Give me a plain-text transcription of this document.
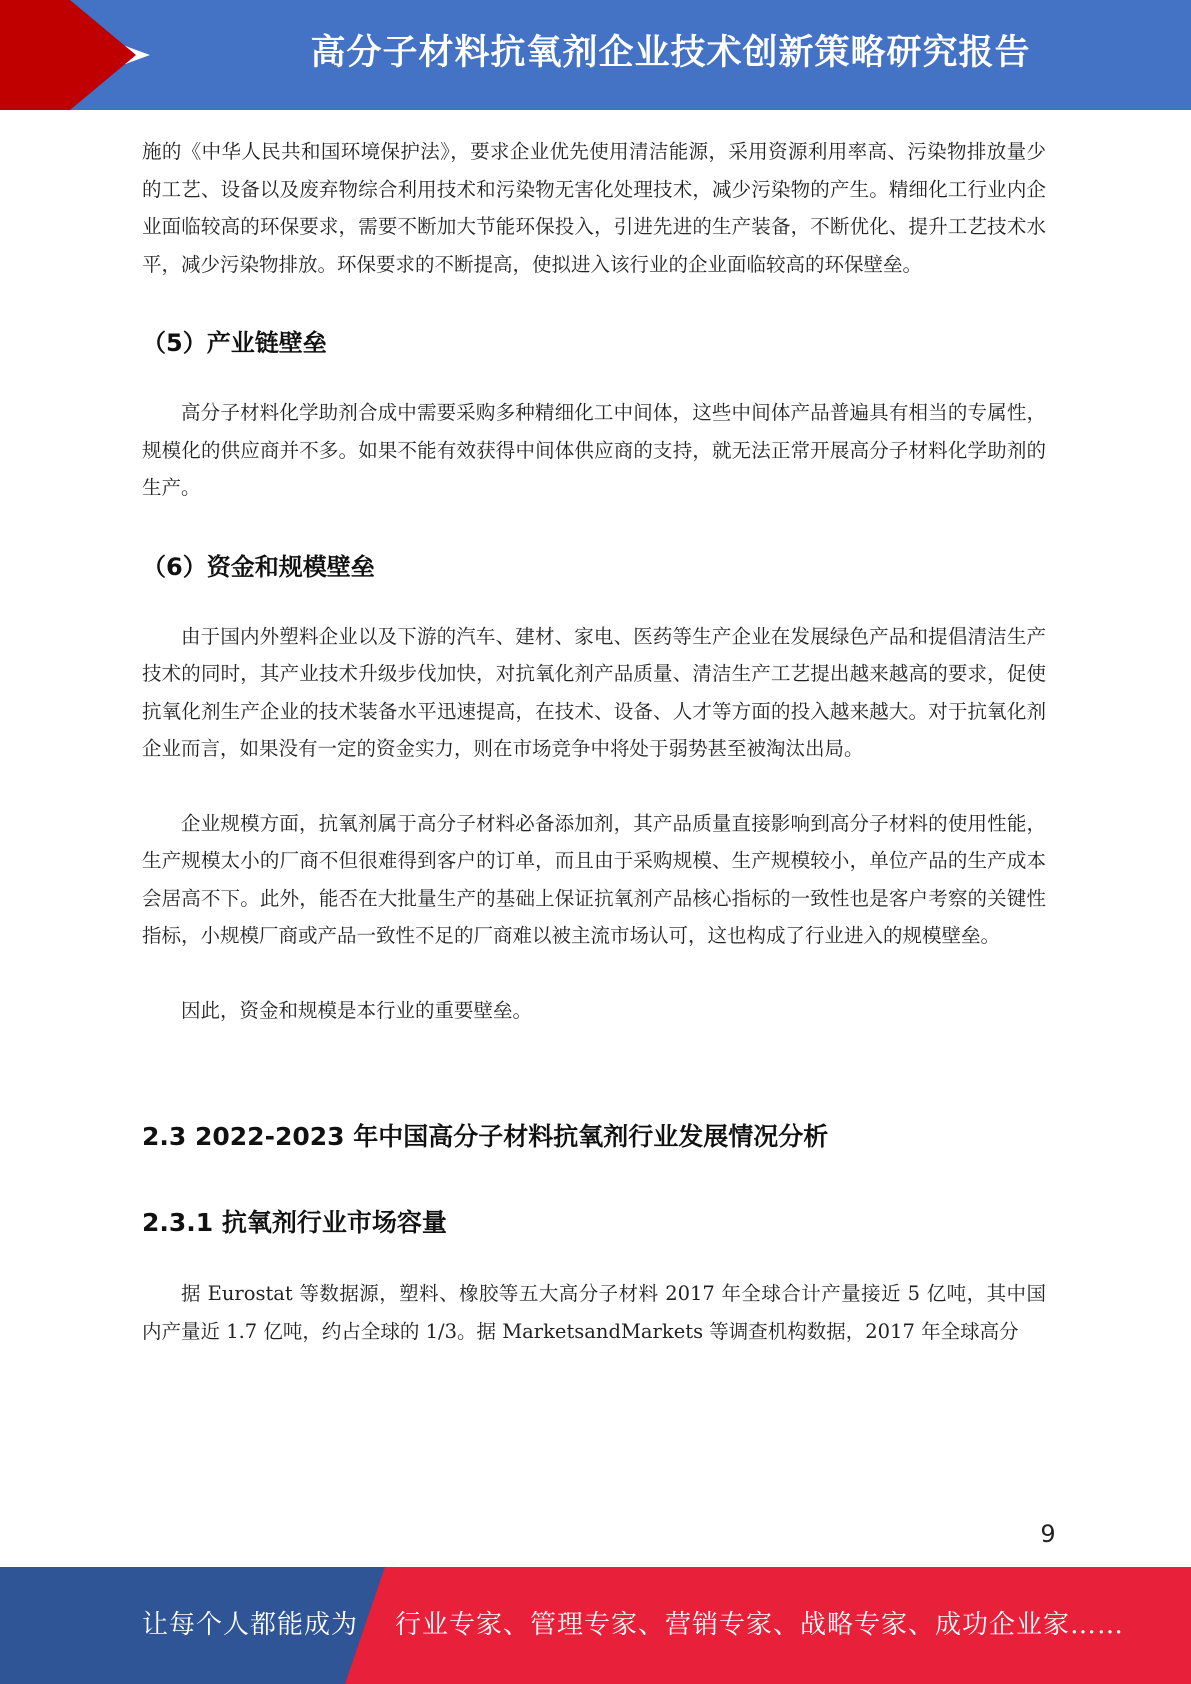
高分子材料抗氧剂企业技术创新策略研究报告

施的《中华人民共和国环境保护法》，要求企业优先使用清洁能源，采用资源利用率高、污染物排放量少的工艺、设备以及废弃物综合利用技术和污染物无害化处理技术，减少污染物的产生。精细化工行业内企业面临较高的环保要求，需要不断加大节能环保投入，引进先进的生产装备，不断优化、提升工艺技术水平，减少污染物排放。环保要求的不断提高，使拟进入该行业的企业面临较高的环保壁垒。

（5）产业链壁垒

高分子材料化学助剂合成中需要采购多种精细化工中间体，这些中间体产品普遍具有相当的专属性，规模化的供应商并不多。如果不能有效获得中间体供应商的支持，就无法正常开展高分子材料化学助剂的生产。

（6）资金和规模壁垒

由于国内外塑料企业以及下游的汽车、建材、家电、医药等生产企业在发展绿色产品和提倡清洁生产技术的同时，其产业技术升级步伐加快，对抗氧化剂产品质量、清洁生产工艺提出越来越高的要求，促使抗氧化剂生产企业的技术装备水平迅速提高，在技术、设备、人才等方面的投入越来越大。对于抗氧化剂企业而言，如果没有一定的资金实力，则在市场竞争中将处于弱势甚至被淘汰出局。

企业规模方面，抗氧剂属于高分子材料必备添加剂，其产品质量直接影响到高分子材料的使用性能，生产规模太小的厂商不但很难得到客户的订单，而且由于采购规模、生产规模较小，单位产品的生产成本会居高不下。此外，能否在大批量生产的基础上保证抗氧剂产品核心指标的一致性也是客户考察的关键性指标，小规模厂商或产品一致性不足的厂商难以被主流市场认可，这也构成了行业进入的规模壁垒。

因此，资金和规模是本行业的重要壁垒。

2.3 2022-2023 年中国高分子材料抗氧剂行业发展情况分析
2.3.1 抗氧剂行业市场容量

据 Eurostat 等数据源，塑料、橡胶等五大高分子材料 2017 年全球合计产量接近 5 亿吨，其中国内产量近 1.7 亿吨，约占全球的 1/3。据 MarketsandMarkets 等调查机构数据，2017 年全球高分

9
让每个人都能成为 行业专家、管理专家、营销专家、战略专家、成功企业家……
